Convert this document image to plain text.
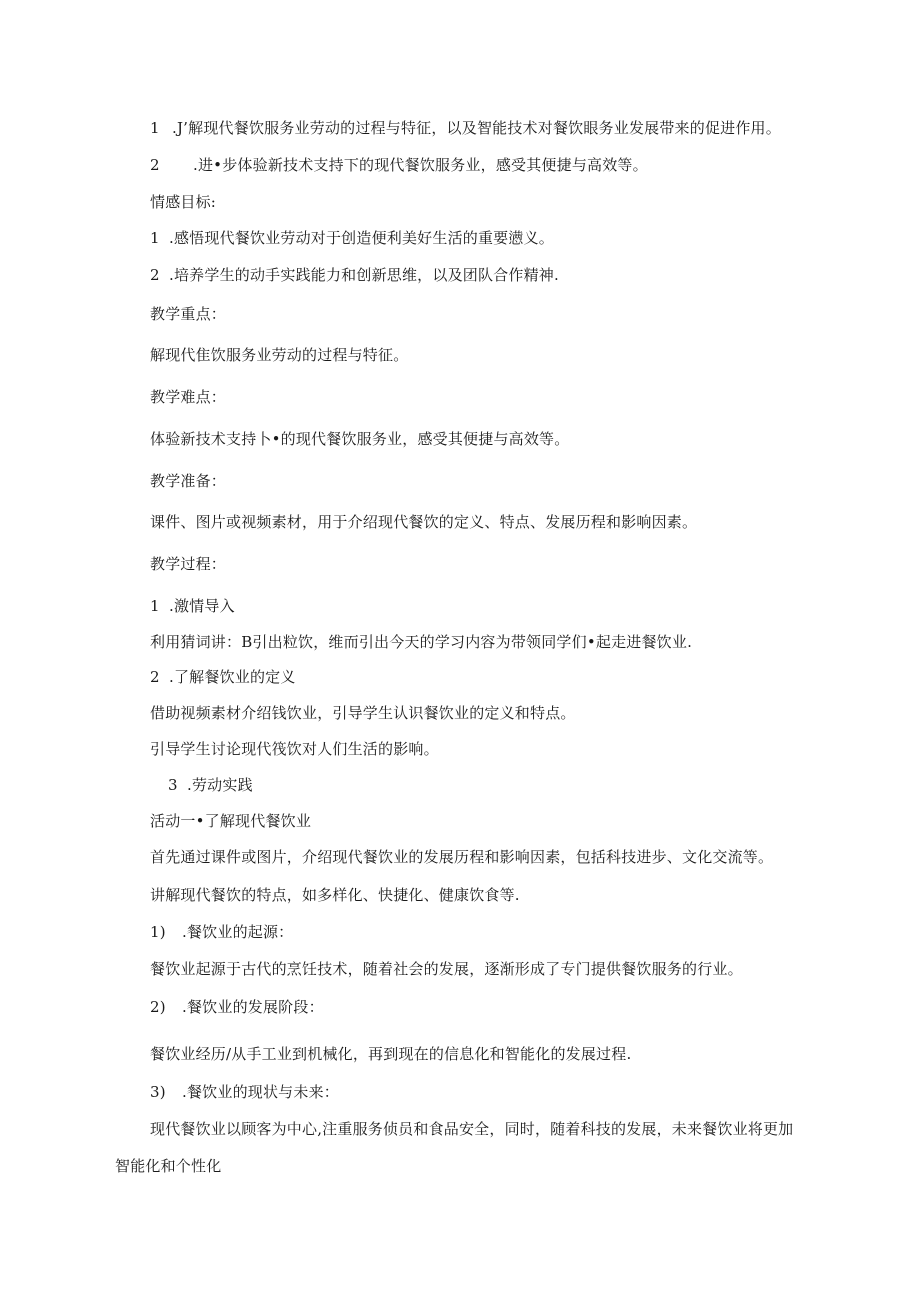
1 .J’解现代餐饮服务业劳动的过程与特征，以及智能技术对餐饮眼务业发展带来的促进作用。
2 .进•步体验新技术支持下的现代餐饮服务业，感受其便捷与高效等。
情感目标:
1 .感悟现代餐饮业劳动对于创造便利美好生活的重要懑义。
2 .培养学生的动手实践能力和创新思维，以及团队合作精神.
教学重点：
解现代隹饮服务业劳动的过程与特征。
教学难点：
体验新技术支持卜•的现代餐饮服务业，感受其便捷与高效等。
教学准备：
课件、图片或视频素材，用于介绍现代餐饮的定义、特点、发展历程和影响因素。
教学过程：
1 .激情导入
利用猜词讲：B引出粒饮，维而引出今天的学习内容为带领同学们•起走进餐饮业.
2 .了解餐饮业的定义
借助视频素材介绍钱饮业，引导学生认识餐饮业的定义和特点。
引导学生讨论现代筏饮对人们生活的影响。
3 .劳动实践
活动一•了解现代餐饮业
首先通过课件或图片，介绍现代餐饮业的发展历程和影响因素，包括科技进步、文化交流等。
讲解现代餐饮的特点，如多样化、快捷化、健康饮食等.
1) .餐饮业的起源：
餐饮业起源于古代的烹饪技术，随着社会的发展，逐渐形成了专门提供餐饮服务的行业。
2) .餐饮业的发展阶段：
餐饮业经历/从手工业到机械化，再到现在的信息化和智能化的发展过程.
3) .餐饮业的现状与未来：
现代餐饮业以顾客为中心,注重服务侦员和食品安全，同时，随着科技的发展，未来餐饮业将更加
智能化和个性化
